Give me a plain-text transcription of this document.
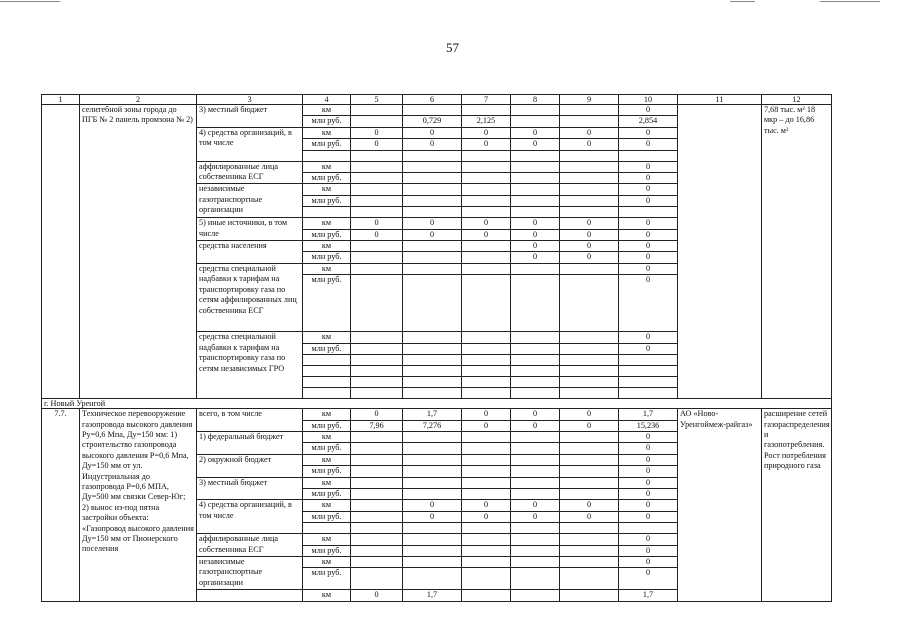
57
1	2	3	4	5	6	7	8	9	10	11	12
	селитебной зоны города до ПГБ № 2 панель промзона № 2)	3) местный бюджет	км						0		7,68 тыс. м² 18 мкр – до 16,86 тыс. м²
			млн руб.		0,729	2,125			2,854		
		4) средства организаций, в том числе	км	0	0	0	0	0	0		
			млн руб.	0	0	0	0	0	0		

		аффилированные лица собственника ЕСГ	км						0		
			млн руб.						0		
		независимые газотранспортные организации	км						0		
			млн руб.						0		

		5) иные источники, в том числе	км	0	0	0	0	0	0		
			млн руб.	0	0	0	0	0	0		
		средства населения	км				0	0	0		
			млн руб.				0	0	0		
		средства специальной надбавки к тарифам на транспортировку газа по сетям аффилированных лиц собственника ЕСГ	км						0		
			млн руб.						0		
		средства специальной надбавки к тарифам на транспортировку газа по сетям независимых ГРО	км						0		
			млн руб.						0		

г. Новый Уренгой											
7.7.	Техническое перевооружение газопровода высокого давления Ру=0,6 Мпа, Ду=150 мм: 1) строительство газопровода высокого давления Р=0,6 Мпа, Ду=150 мм от ул. Индустриальная до газопровода Р=0,6 МПА, Ду=500 мм связки Север-Юг; 2) вынос из-под пятна застройки объекта: «Газопровод высокого давления Ду=150 мм от Пионерского поселения	всего, в том числе	км	0	1,7	0	0	0	1,7	АО «Ново-Уренгоймеж-райгаз»	расширение сетей газораспределения и газопотребления. Рост потребления природного газа
			млн руб.	7,96	7,276	0	0	0	15,236		
		1) федеральный бюджет	км						0		
			млн руб.						0		
		2) окружной бюджет	км						0		
			млн руб.						0		
		3) местный бюджет	км						0		
			млн руб.						0		
		4) средства организаций, в том числе	км		0	0	0	0	0		
			млн руб.		0	0	0	0	0		

		аффилированные лица собственника ЕСГ	км						0		
			млн руб.						0		
		независимые газотранспортные организации	км						0		
			млн руб.						0		
			км	0	1,7				1,7		
